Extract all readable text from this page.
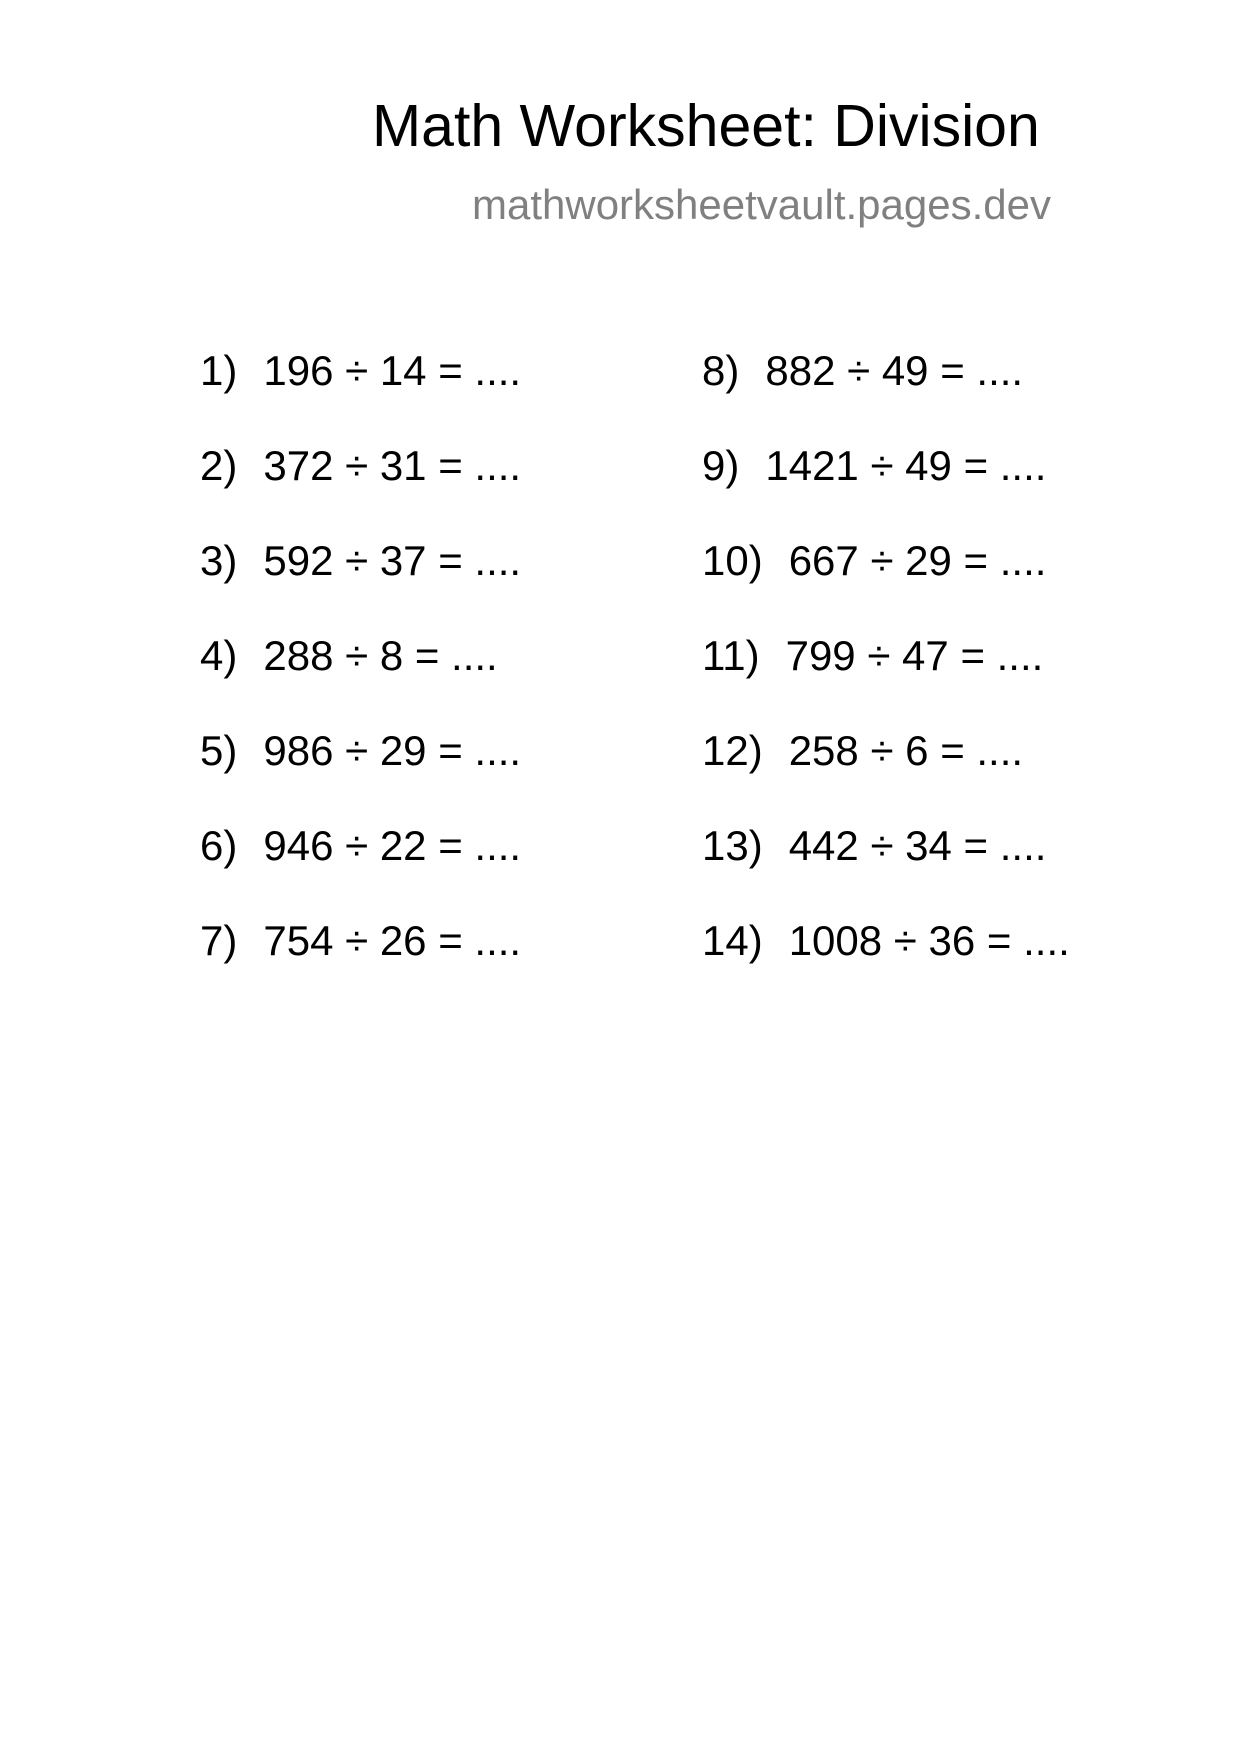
Math Worksheet: Division
mathworksheetvault.pages.dev
1) 196 ÷ 14 = ....
2) 372 ÷ 31 = ....
3) 592 ÷ 37 = ....
4) 288 ÷ 8 = ....
5) 986 ÷ 29 = ....
6) 946 ÷ 22 = ....
7) 754 ÷ 26 = ....
8) 882 ÷ 49 = ....
9) 1421 ÷ 49 = ....
10) 667 ÷ 29 = ....
11) 799 ÷ 47 = ....
12) 258 ÷ 6 = ....
13) 442 ÷ 34 = ....
14) 1008 ÷ 36 = ....
